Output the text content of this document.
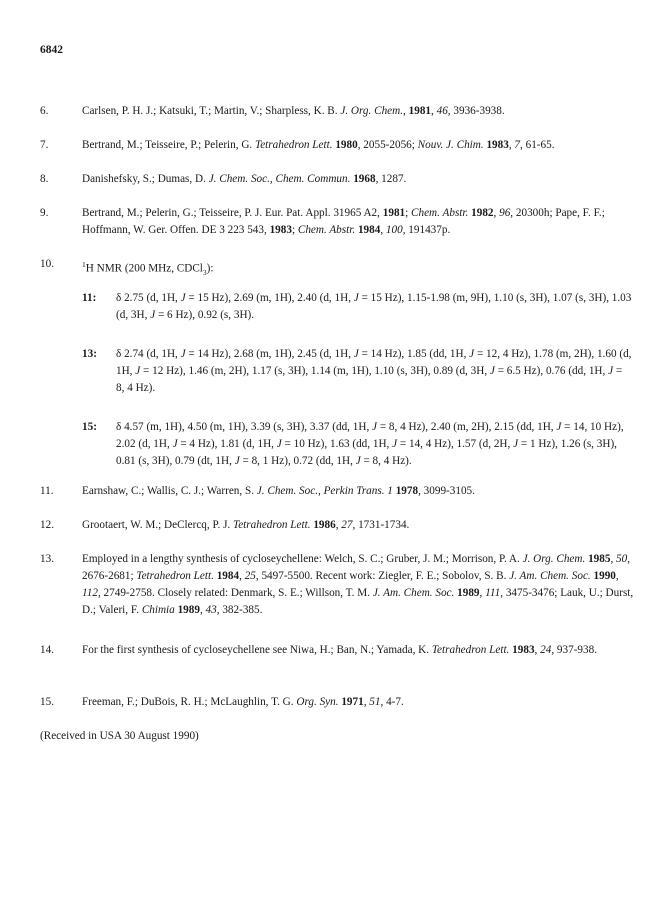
6842
6.	Carlsen, P. H. J.; Katsuki, T.; Martin, V.; Sharpless, K. B. J. Org. Chem., 1981, 46, 3936-3938.
7.	Bertrand, M.; Teisseire, P.; Pelerin, G. Tetrahedron Lett. 1980, 2055-2056; Nouv. J. Chim. 1983, 7, 61-65.
8.	Danishefsky, S.; Dumas, D. J. Chem. Soc., Chem. Commun. 1968, 1287.
9.	Bertrand, M.; Pelerin, G.; Teisseire, P. J. Eur. Pat. Appl. 31965 A2, 1981; Chem. Abstr. 1982, 96, 20300h; Pape, F. F.; Hoffmann, W. Ger. Offen. DE 3 223 543, 1983; Chem. Abstr. 1984, 100, 191437p.
10.	$^1$H NMR (200 MHz, CDCl$_3$):
11: δ 2.75 (d, 1H, J = 15 Hz), 2.69 (m, 1H), 2.40 (d, 1H, J = 15 Hz), 1.15-1.98 (m, 9H), 1.10 (s, 3H), 1.07 (s, 3H), 1.03 (d, 3H, J = 6 Hz), 0.92 (s, 3H).
13: δ 2.74 (d, 1H, J = 14 Hz), 2.68 (m, 1H), 2.45 (d, 1H, J = 14 Hz), 1.85 (dd, 1H, J = 12, 4 Hz), 1.78 (m, 2H), 1.60 (d, 1H, J = 12 Hz), 1.46 (m, 2H), 1.17 (s, 3H), 1.14 (m, 1H), 1.10 (s, 3H), 0.89 (d, 3H, J = 6.5 Hz), 0.76 (dd, 1H, J = 8, 4 Hz).
15: δ 4.57 (m, 1H), 4.50 (m, 1H), 3.39 (s, 3H), 3.37 (dd, 1H, J = 8, 4 Hz), 2.40 (m, 2H), 2.15 (dd, 1H, J = 14, 10 Hz), 2.02 (d, 1H, J = 4 Hz), 1.81 (d, 1H, J = 10 Hz), 1.63 (dd, 1H, J = 14, 4 Hz), 1.57 (d, 2H, J = 1 Hz), 1.26 (s, 3H), 0.81 (s, 3H), 0.79 (dt, 1H, J = 8, 1 Hz), 0.72 (dd, 1H, J = 8, 4 Hz).
11.	Earnshaw, C.; Wallis, C. J.; Warren, S. J. Chem. Soc., Perkin Trans. 1 1978, 3099-3105.
12.	Grootaert, W. M.; DeClercq, P. J. Tetrahedron Lett. 1986, 27, 1731-1734.
13.	Employed in a lengthy synthesis of cycloseychellene: Welch, S. C.; Gruber, J. M.; Morrison, P. A. J. Org. Chem. 1985, 50, 2676-2681; Tetrahedron Lett. 1984, 25, 5497-5500. Recent work: Ziegler, F. E.; Sobolov, S. B. J. Am. Chem. Soc. 1990, 112, 2749-2758. Closely related: Denmark, S. E.; Willson, T. M. J. Am. Chem. Soc. 1989, 111, 3475-3476; Lauk, U.; Durst, D.; Valeri, F. Chimia 1989, 43, 382-385.
14.	For the first synthesis of cycloseychellene see Niwa, H.; Ban, N.; Yamada, K. Tetrahedron Lett. 1983, 24, 937-938.
15.	Freeman, F.; DuBois, R. H.; McLaughlin, T. G. Org. Syn. 1971, 51, 4-7.
(Received in USA 30 August 1990)
